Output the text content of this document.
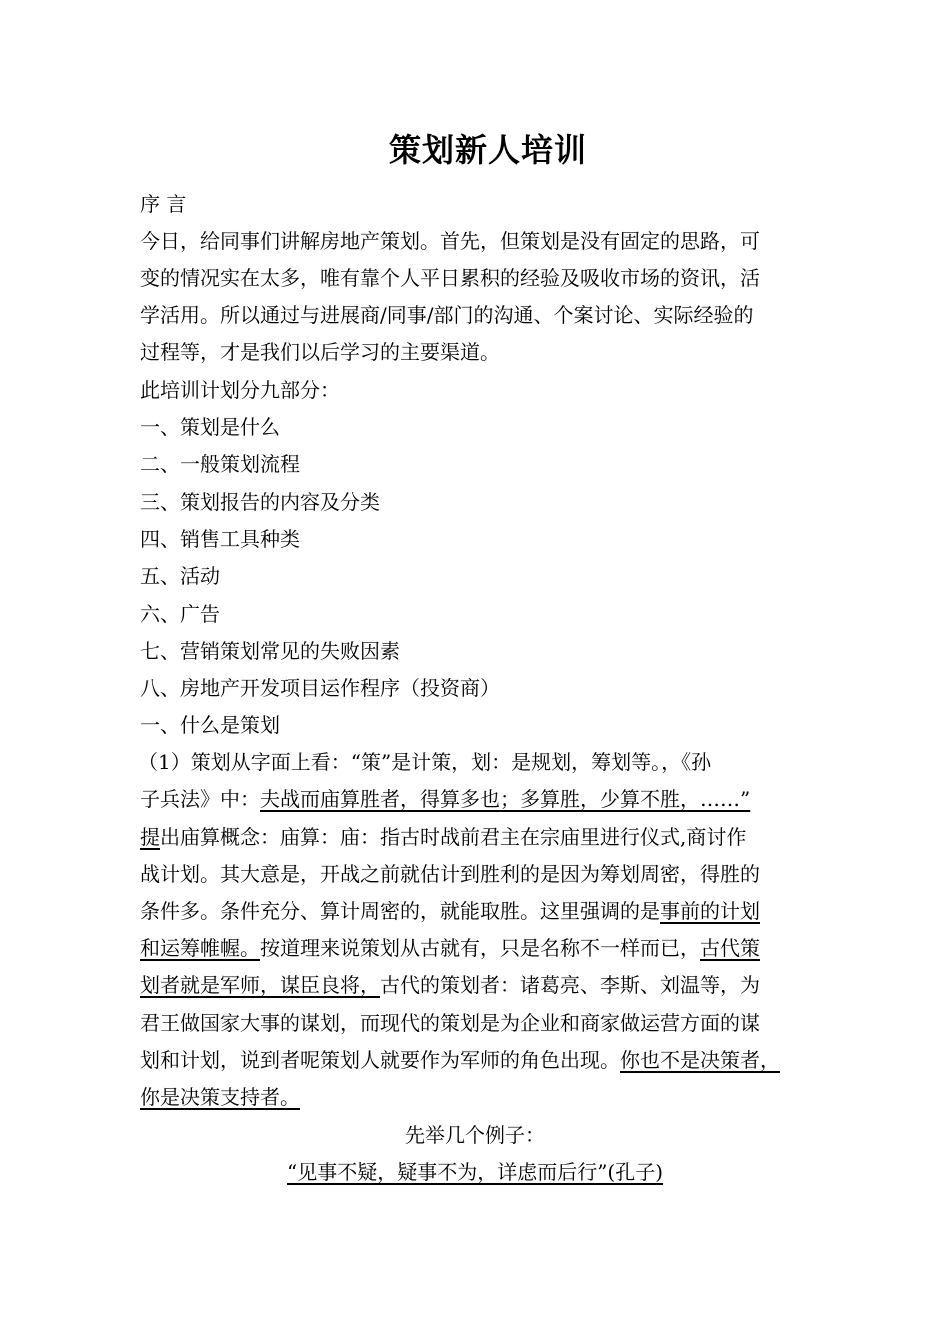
策划新人培训
序 言
今日，给同事们讲解房地产策划。首先，但策划是没有固定的思路，可
变的情况实在太多，唯有靠个人平日累积的经验及吸收市场的资讯，活
学活用。所以通过与进展商/同事/部门的沟通、个案讨论、实际经验的
过程等，才是我们以后学习的主要渠道。
此培训计划分九部分：
一、策划是什么
二、一般策划流程
三、策划报告的内容及分类
四、销售工具种类
五、活动
六、广告
七、营销策划常见的失败因素
八、房地产开发项目运作程序（投资商）
一、什么是策划
（1）策划从字面上看：“策”是计策，划：是规划，筹划等。，《孙
子兵法》中：夫战而庙算胜者，得算多也；多算胜，少算不胜，……”
提出庙算概念：庙算：庙：指古时战前君主在宗庙里进行仪式,商讨作
战计划。其大意是，开战之前就估计到胜利的是因为筹划周密，得胜的
条件多。条件充分、算计周密的，就能取胜。这里强调的是事前的计划
和运筹帷幄。按道理来说策划从古就有，只是名称不一样而已，古代策
划者就是军师，谋臣良将，古代的策划者：诸葛亮、李斯、刘温等，为
君王做国家大事的谋划，而现代的策划是为企业和商家做运营方面的谋
划和计划，说到者呢策划人就要作为军师的角色出现。你也不是决策者，
你是决策支持者。
先举几个例子：
“见事不疑，疑事不为，详虑而后行”(孔子)
